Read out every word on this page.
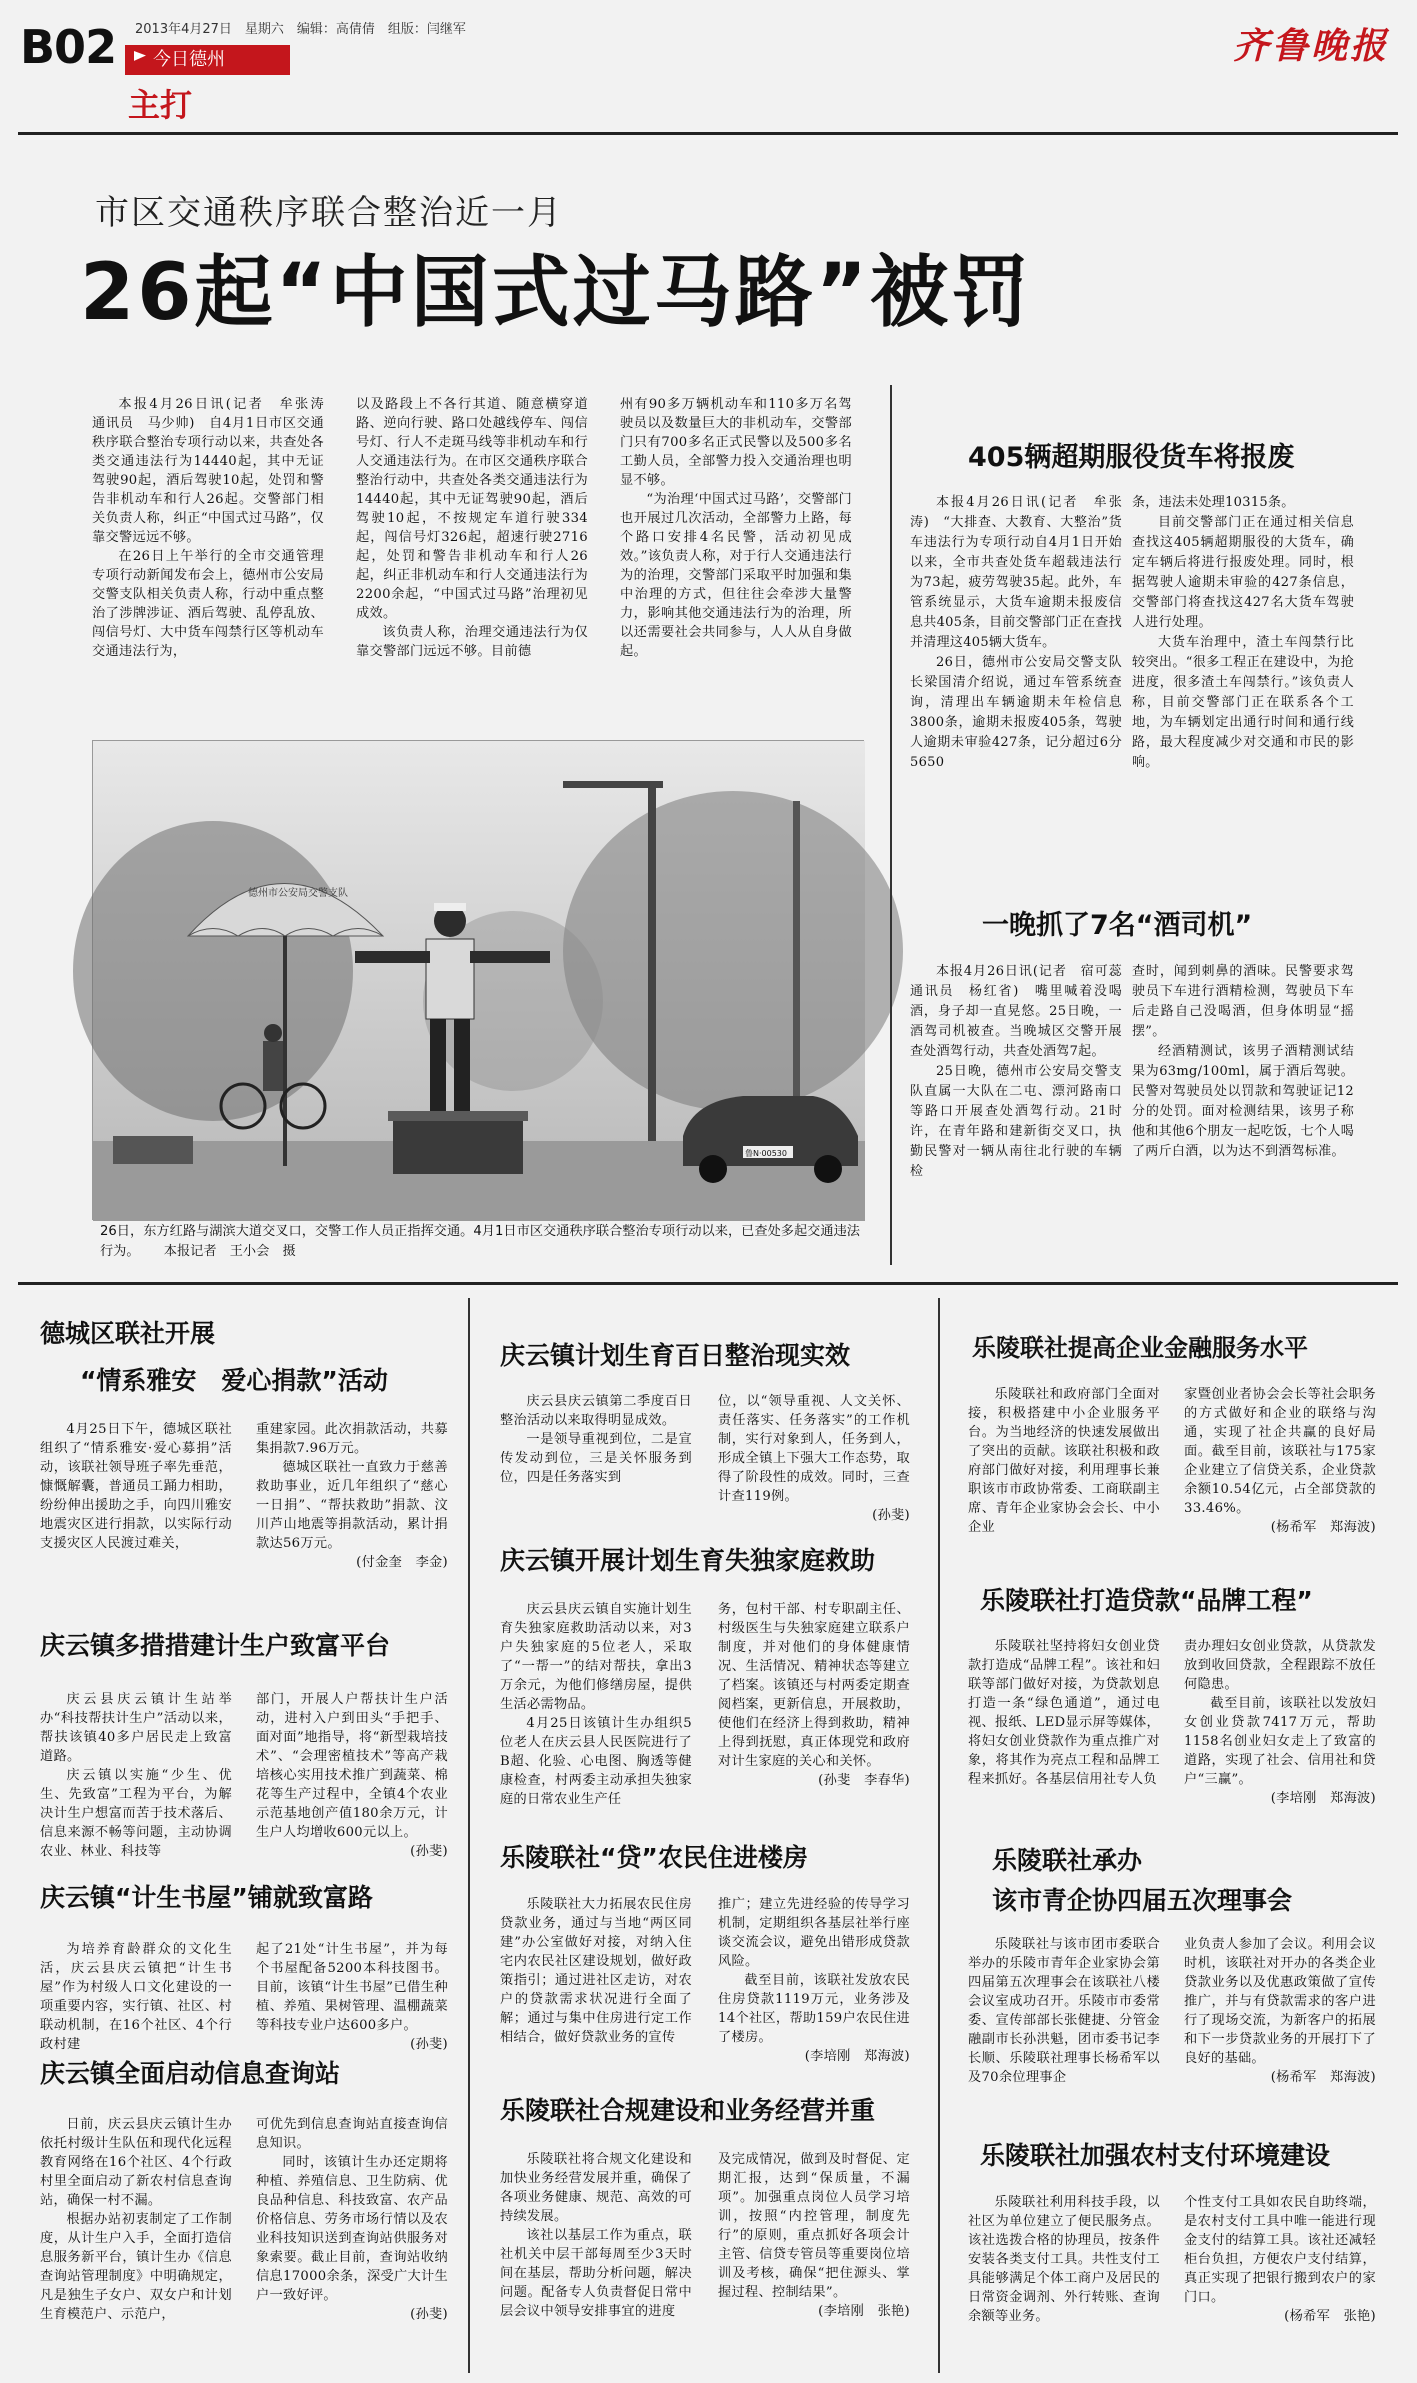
B02 2013年4月27日　星期六　编辑：高倩倩　组版：闫继军
今日德州
主打
齐鲁晚报
市区交通秩序联合整治近一月
26起“中国式过马路”被罚

本报4月26日讯(记者　牟张涛　通讯员　马少帅)　自4月1日市区交通秩序联合整治专项行动以来，共查处各类交通违法行为14440起，其中无证驾驶90起，酒后驾驶10起，处罚和警告非机动车和行人26起。交警部门相关负责人称，纠正“中国式过马路”，仅靠交警远远不够。

在26日上午举行的全市交通管理专项行动新闻发布会上，德州市公安局交警支队相关负责人称，行动中重点整治了涉牌涉证、酒后驾驶、乱停乱放、闯信号灯、大中货车闯禁行区等机动车交通违法行为，

以及路段上不各行其道、随意横穿道路、逆向行驶、路口处越线停车、闯信号灯、行人不走斑马线等非机动车和行人交通违法行为。在市区交通秩序联合整治行动中，共查处各类交通违法行为14440起，其中无证驾驶90起，酒后驾驶10起，不按规定车道行驶334起，闯信号灯326起，超速行驶2716起，处罚和警告非机动车和行人26起，纠正非机动车和行人交通违法行为2200余起，“中国式过马路”治理初见成效。

该负责人称，治理交通违法行为仅靠交警部门远远不够。目前德

州有90多万辆机动车和110多万名驾驶员以及数量巨大的非机动车，交警部门只有700多名正式民警以及500多名工勤人员，全部警力投入交通治理也明显不够。

“为治理‘中国式过马路’，交警部门也开展过几次活动，全部警力上路，每个路口安排4名民警，活动初见成效。”该负责人称，对于行人交通违法行为的治理，交警部门采取平时加强和集中治理的方式，但往往会牵涉大量警力，影响其他交通违法行为的治理，所以还需要社会共同参与，人人从自身做起。

德州市公安局交警支队
鲁N·00530
26日，东方红路与湖滨大道交叉口，交警工作人员正指挥交通。4月1日市区交通秩序联合整治专项行动以来，已查处多起交通违法行为。 本报记者　王小会　摄
405辆超期服役货车将报废

本报4月26日讯(记者　牟张涛)　“大排查、大教育、大整治”货车违法行为专项行动自4月1日开始以来，全市共查处货车超载违法行为73起，疲劳驾驶35起。此外，车管系统显示，大货车逾期未报废信息共405条，目前交警部门正在查找并清理这405辆大货车。

26日，德州市公安局交警支队长梁国清介绍说，通过车管系统查询，清理出车辆逾期未年检信息3800条，逾期未报废405条，驾驶人逾期未审验427条，记分超过6分5650

条，违法未处理10315条。

目前交警部门正在通过相关信息查找这405辆超期服役的大货车，确定车辆后将进行报废处理。同时，根据驾驶人逾期未审验的427条信息，交警部门将查找这427名大货车驾驶人进行处理。

大货车治理中，渣土车闯禁行比较突出。“很多工程正在建设中，为抢进度，很多渣土车闯禁行。”该负责人称，目前交警部门正在联系各个工地，为车辆划定出通行时间和通行线路，最大程度减少对交通和市民的影响。

一晚抓了7名“酒司机”

本报4月26日讯(记者　宿可蕊　通讯员　杨红省)　嘴里喊着没喝酒，身子却一直晃悠。25日晚，一酒驾司机被查。当晚城区交警开展查处酒驾行动，共查处酒驾7起。

25日晚，德州市公安局交警支队直属一大队在二屯、漂河路南口等路口开展查处酒驾行动。21时许，在青年路和建新街交叉口，执勤民警对一辆从南往北行驶的车辆检

查时，闻到刺鼻的酒味。民警要求驾驶员下车进行酒精检测，驾驶员下车后走路自己没喝酒，但身体明显“摇摆”。

经酒精测试，该男子酒精测试结果为63mg/100ml，属于酒后驾驶。民警对驾驶员处以罚款和驾驶证记12分的处罚。面对检测结果，该男子称他和其他6个朋友一起吃饭，七个人喝了两斤白酒，以为达不到酒驾标准。

德城区联社开展
“情系雅安　爱心捐款”活动

4月25日下午，德城区联社组织了“情系雅安·爱心募捐”活动，该联社领导班子率先垂范，慷慨解囊，普通员工踊力相助，纷纷伸出援助之手，向四川雅安地震灾区进行捐款，以实际行动支援灾区人民渡过难关，

重建家园。此次捐款活动，共募集捐款7.96万元。

德城区联社一直致力于慈善救助事业，近几年组织了“慈心一日捐”、“帮扶救助”捐款、汶川芦山地震等捐款活动，累计捐款达56万元。

(付金奎　李金)

庆云镇多措措建计生户致富平台

庆云县庆云镇计生站举办“科技帮扶计生户”活动以来，帮扶该镇40多户居民走上致富道路。

庆云镇以实施“少生、优生、先致富”工程为平台，为解决计生户想富而苦于技术落后、信息来源不畅等问题，主动协调农业、林业、科技等

部门，开展人户帮扶计生户活动，进村入户到田头“手把手、面对面”地指导，将“新型栽培技术”、“会理密植技术”等高产栽培核心实用技术推广到蔬菜、棉花等生产过程中，全镇4个农业示范基地创产值180余万元，计生户人均增收600元以上。

(孙斐)

庆云镇“计生书屋”铺就致富路

为培养育龄群众的文化生活，庆云县庆云镇把“计生书屋”作为村级人口文化建设的一项重要内容，实行镇、社区、村联动机制，在16个社区、4个行政村建

起了21处“计生书屋”，并为每个书屋配备5200本科技图书。目前，该镇“计生书屋”已借生种植、养殖、果树管理、温棚蔬菜等科技专业户达600多户。

(孙斐)

庆云镇全面启动信息查询站

日前，庆云县庆云镇计生办依托村级计生队伍和现代化远程教育网络在16个社区、4个行政村里全面启动了新农村信息查询站，确保一村不漏。

根据办站初衷制定了工作制度，从计生户入手，全面打造信息服务新平台，镇计生办《信息查询站管理制度》中明确规定，凡是独生子女户、双女户和计划生育模范户、示范户，

可优先到信息查询站直接查询信息知识。

同时，该镇计生办还定期将种植、养殖信息、卫生防病、优良品种信息、科技致富、农产品价格信息、劳务市场行情以及农业科技知识送到查询站供服务对象索要。截止目前，查询站收纳信息17000余条，深受广大计生户一致好评。

(孙斐)

庆云镇计划生育百日整治现实效

庆云县庆云镇第二季度百日整治活动以来取得明显成效。

一是领导重视到位，二是宣传发动到位，三是关怀服务到位，四是任务落实到

位，以“领导重视、人文关怀、责任落实、任务落实”的工作机制，实行对象到人，任务到人，形成全镇上下强大工作态势，取得了阶段性的成效。同时，三查计查119例。

(孙斐)

庆云镇开展计划生育失独家庭救助

庆云县庆云镇自实施计划生育失独家庭救助活动以来，对3户失独家庭的5位老人，采取了“一帮一”的结对帮扶，拿出3万余元，为他们修缮房屋，提供生活必需物品。

4月25日该镇计生办组织5位老人在庆云县人民医院进行了B超、化验、心电图、胸透等健康检查，村两委主动承担失独家庭的日常农业生产任

务，包村干部、村专职副主任、村级医生与失独家庭建立联系户制度，并对他们的身体健康情况、生活情况、精神状态等建立了档案。该镇还与村两委定期查阅档案，更新信息，开展救助，使他们在经济上得到救助，精神上得到抚慰，真正体现党和政府对计生家庭的关心和关怀。

(孙斐　李春华)

乐陵联社“贷”农民住进楼房

乐陵联社大力拓展农民住房贷款业务，通过与当地“两区同建”办公室做好对接，对纳入住宅内农民社区建设规划，做好政策指引；通过进社区走访，对农户的贷款需求状况进行全面了解；通过与集中住房进行定工作相结合，做好贷款业务的宣传

推广；建立先进经验的传导学习机制，定期组织各基层社举行座谈交流会议，避免出错形成贷款风险。

截至目前，该联社发放农民住房贷款1119万元，业务涉及14个社区，帮助159户农民住进了楼房。

(李培刚　郑海波)

乐陵联社合规建设和业务经营并重

乐陵联社将合规文化建设和加快业务经营发展并重，确保了各项业务健康、规范、高效的可持续发展。

该社以基层工作为重点，联社机关中层干部每周至少3天时间在基层，帮助分析问题，解决问题。配备专人负责督促日常中层会议中领导安排事宜的进度

及完成情况，做到及时督促、定期汇报，达到“保质量，不漏项”。加强重点岗位人员学习培训，按照“内控管理，制度先行”的原则，重点抓好各项会计主管、信贷专管员等重要岗位培训及考核，确保“把住源头、掌握过程、控制结果”。

(李培刚　张艳)

乐陵联社提高企业金融服务水平

乐陵联社和政府部门全面对接，积极搭建中小企业服务平台。为当地经济的快速发展做出了突出的贡献。该联社积极和政府部门做好对接，利用理事长兼职该市市政协常委、工商联副主席、青年企业家协会会长、中小企业

家暨创业者协会会长等社会职务的方式做好和企业的联络与沟通，实现了社企共赢的良好局面。截至目前，该联社与175家企业建立了信贷关系，企业贷款余额10.54亿元，占全部贷款的33.46%。

(杨希军　郑海波)

乐陵联社打造贷款“品牌工程”

乐陵联社坚持将妇女创业贷款打造成“品牌工程”。该社和妇联等部门做好对接，为贷款划息打造一条“绿色通道”，通过电视、报纸、LED显示屏等媒体，将妇女创业贷款作为重点推广对象，将其作为亮点工程和品牌工程来抓好。各基层信用社专人负

责办理妇女创业贷款，从贷款发放到收回贷款，全程跟踪不放任何隐患。

截至目前，该联社以发放妇女创业贷款7417万元，帮助1158名创业妇女走上了致富的道路，实现了社会、信用社和贷户“三赢”。

(李培刚　郑海波)

乐陵联社承办
该市青企协四届五次理事会

乐陵联社与该市团市委联合举办的乐陵市青年企业家协会第四届第五次理事会在该联社八楼会议室成功召开。乐陵市市委常委、宣传部部长张健捷、分管金融副市长孙洪魁，团市委书记李长顺、乐陵联社理事长杨希军以及70余位理事企

业负责人参加了会议。利用会议时机，该联社对开办的各类企业贷款业务以及优惠政策做了宣传推广，并与有贷款需求的客户进行了现场交流，为新客户的拓展和下一步贷款业务的开展打下了良好的基础。

(杨希军　郑海波)

乐陵联社加强农村支付环境建设

乐陵联社利用科技手段，以社区为单位建立了便民服务点。该社选拨合格的协理员，按条件安装各类支付工具。共性支付工具能够满足个体工商户及居民的日常资金调剂、外行转账、查询余额等业务。

个性支付工具如农民自助终端，是农村支付工具中唯一能进行现金支付的结算工具。该社还减轻柜台负担，方便农户支付结算，真正实现了把银行搬到农户的家门口。

(杨希军　张艳)
